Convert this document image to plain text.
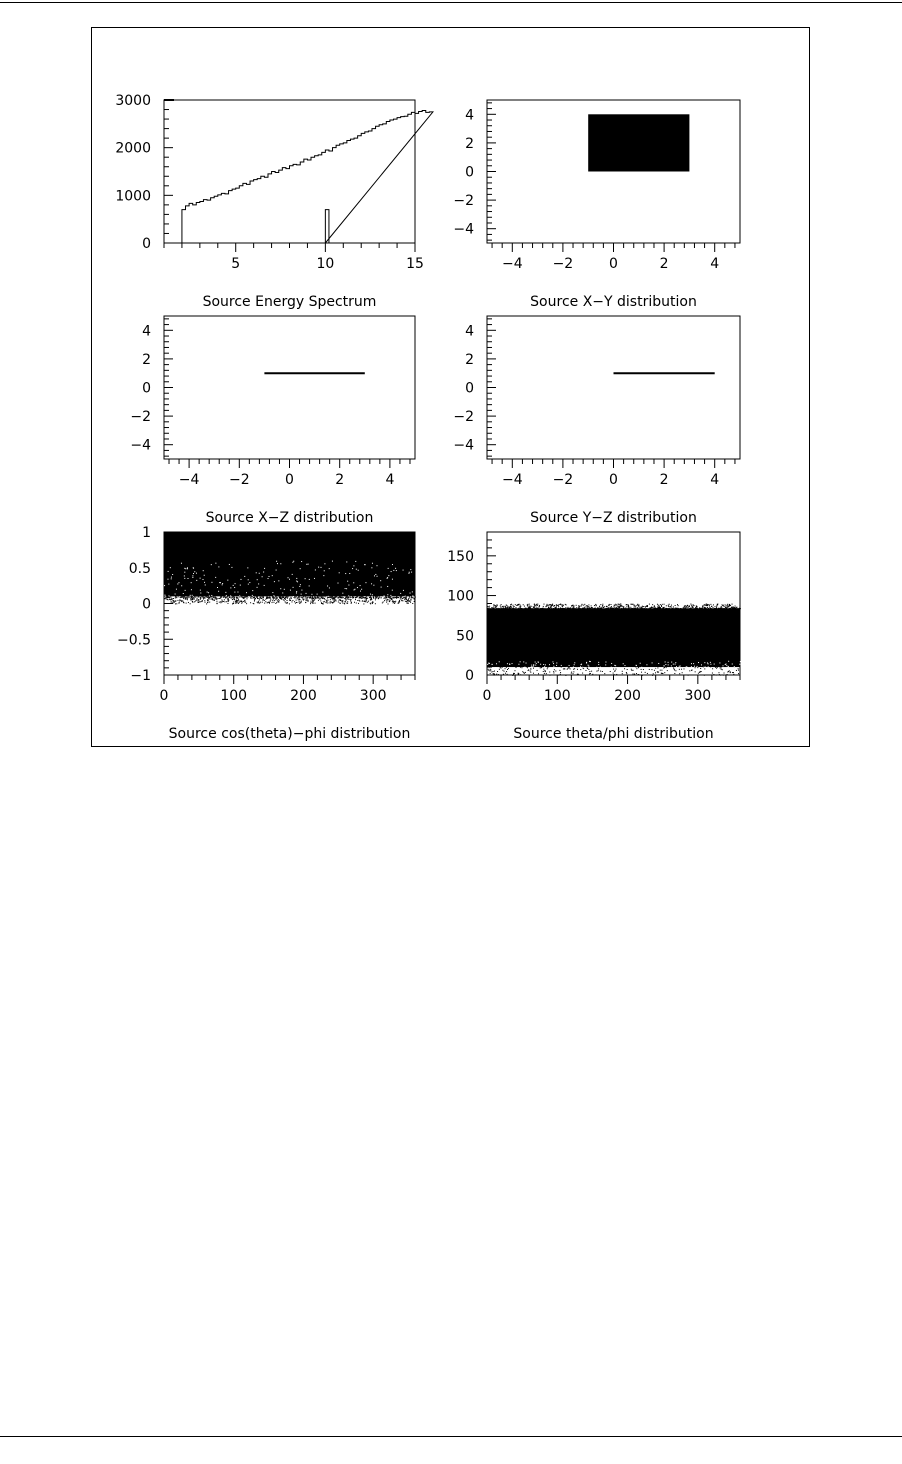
5	10	15
0
1000
2000
3000
Source Energy Spectrum
−4 −2	0	2	4
−4
−2
0
2
4
Source X−Y distribution
−4 −2	0	2	4
−4
−2
0
2
4
Source X−Z distribution
−4 −2	0	2	4
−4
−2
0
2
4
Source Y−Z distribution
0	100	200	300
−1
−0.5
0
0.5
1
Source cos(theta)−phi distribution
0	100	200	300
0
50
100
150
Source theta/phi distribution
